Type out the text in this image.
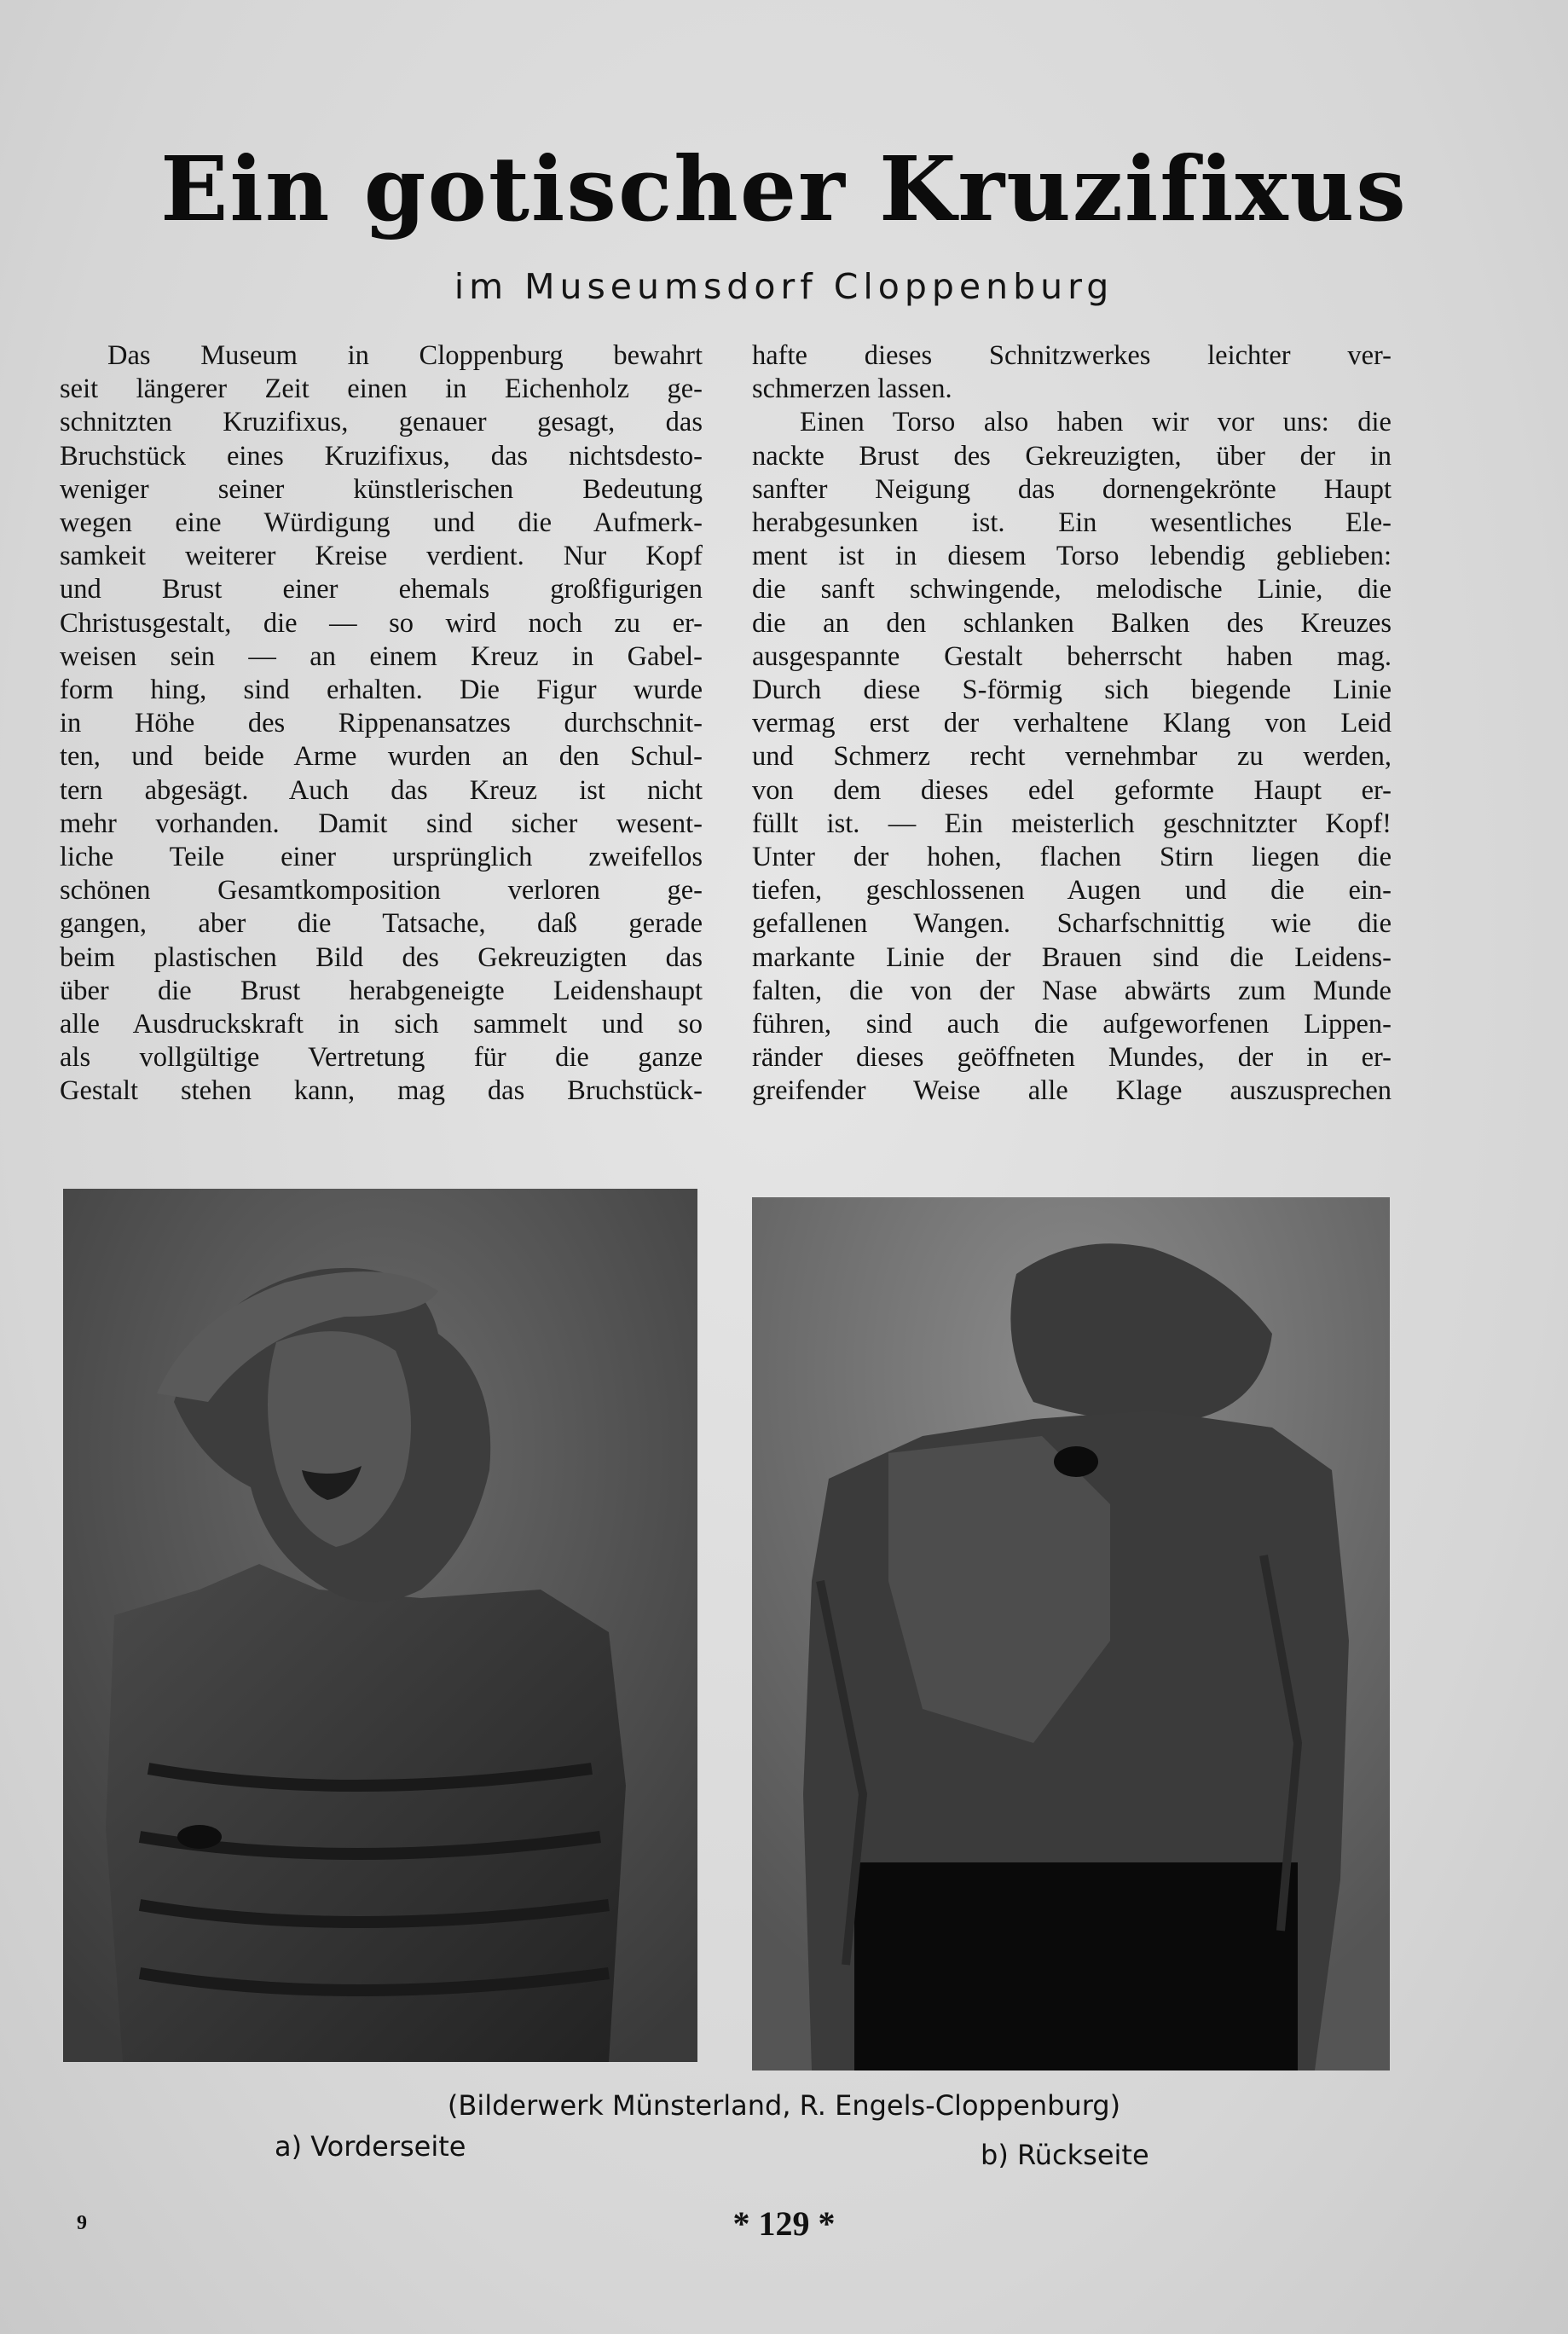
Ein gotischer Kruzifixus
im Museumsdorf Cloppenburg
Das Museum in Cloppenburg bewahrt
seit längerer Zeit einen in Eichenholz ge-
schnitzten Kruzifixus, genauer gesagt, das
Bruchstück eines Kruzifixus, das nichtsdesto-
weniger seiner künstlerischen Bedeutung
wegen eine Würdigung und die Aufmerk-
samkeit weiterer Kreise verdient. Nur Kopf
und Brust einer ehemals großfigurigen
Christusgestalt, die — so wird noch zu er-
weisen sein — an einem Kreuz in Gabel-
form hing, sind erhalten. Die Figur wurde
in Höhe des Rippenansatzes durchschnit-
ten, und beide Arme wurden an den Schul-
tern abgesägt. Auch das Kreuz ist nicht
mehr vorhanden. Damit sind sicher wesent-
liche Teile einer ursprünglich zweifellos
schönen Gesamtkomposition verloren ge-
gangen, aber die Tatsache, daß gerade
beim plastischen Bild des Gekreuzigten das
über die Brust herabgeneigte Leidenshaupt
alle Ausdruckskraft in sich sammelt und so
als vollgültige Vertretung für die ganze
Gestalt stehen kann, mag das Bruchstück-
hafte dieses Schnitzwerkes leichter ver-
schmerzen lassen.
Einen Torso also haben wir vor uns: die
nackte Brust des Gekreuzigten, über der in
sanfter Neigung das dornengekrönte Haupt
herabgesunken ist. Ein wesentliches Ele-
ment ist in diesem Torso lebendig geblieben:
die sanft schwingende, melodische Linie, die
die an den schlanken Balken des Kreuzes
ausgespannte Gestalt beherrscht haben mag.
Durch diese S-förmig sich biegende Linie
vermag erst der verhaltene Klang von Leid
und Schmerz recht vernehmbar zu werden,
von dem dieses edel geformte Haupt er-
füllt ist. — Ein meisterlich geschnitzter Kopf!
Unter der hohen, flachen Stirn liegen die
tiefen, geschlossenen Augen und die ein-
gefallenen Wangen. Scharfschnittig wie die
markante Linie der Brauen sind die Leidens-
falten, die von der Nase abwärts zum Munde
führen, sind auch die aufgeworfenen Lippen-
ränder dieses geöffneten Mundes, der in er-
greifender Weise alle Klage auszusprechen
(Bilderwerk Münsterland, R. Engels-Cloppenburg)
a) Vorderseite	b) Rückseite
9	* 129 *
